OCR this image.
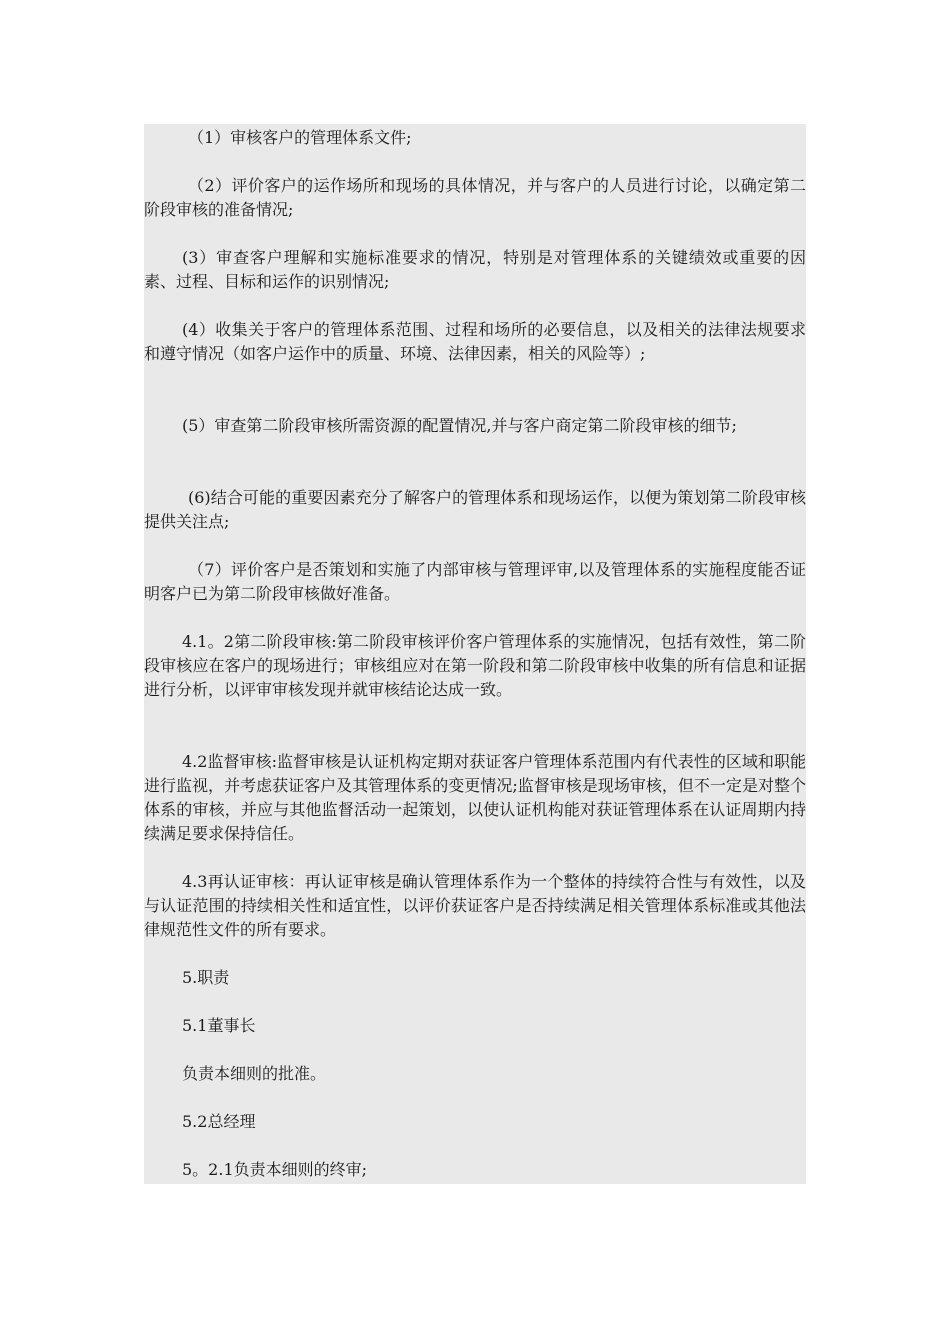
（1）审核客户的管理体系文件;

（2）评价客户的运作场所和现场的具体情况，并与客户的人员进行讨论，以确定第二阶段审核的准备情况;

(3）审查客户理解和实施标准要求的情况，特别是对管理体系的关键绩效或重要的因素、过程、目标和运作的识别情况;

(4）收集关于客户的管理体系范围、过程和场所的必要信息，以及相关的法律法规要求和遵守情况（如客户运作中的质量、环境、法律因素，相关的风险等）;

(5）审查第二阶段审核所需资源的配置情况,并与客户商定第二阶段审核的细节;

(6)结合可能的重要因素充分了解客户的管理体系和现场运作，以便为策划第二阶段审核提供关注点;

（7）评价客户是否策划和实施了内部审核与管理评审,以及管理体系的实施程度能否证明客户已为第二阶段审核做好准备。

4.1。2第二阶段审核:第二阶段审核评价客户管理体系的实施情况，包括有效性，第二阶段审核应在客户的现场进行；审核组应对在第一阶段和第二阶段审核中收集的所有信息和证据进行分析，以评审审核发现并就审核结论达成一致。

4.2监督审核:监督审核是认证机构定期对获证客户管理体系范围内有代表性的区域和职能进行监视，并考虑获证客户及其管理体系的变更情况;监督审核是现场审核，但不一定是对整个体系的审核，并应与其他监督活动一起策划，以使认证机构能对获证管理体系在认证周期内持续满足要求保持信任。

4.3再认证审核：再认证审核是确认管理体系作为一个整体的持续符合性与有效性，以及与认证范围的持续相关性和适宜性，以评价获证客户是否持续满足相关管理体系标准或其他法律规范性文件的所有要求。

5.职责

5.1董事长

负责本细则的批准。

5.2总经理

5。2.1负责本细则的终审;
